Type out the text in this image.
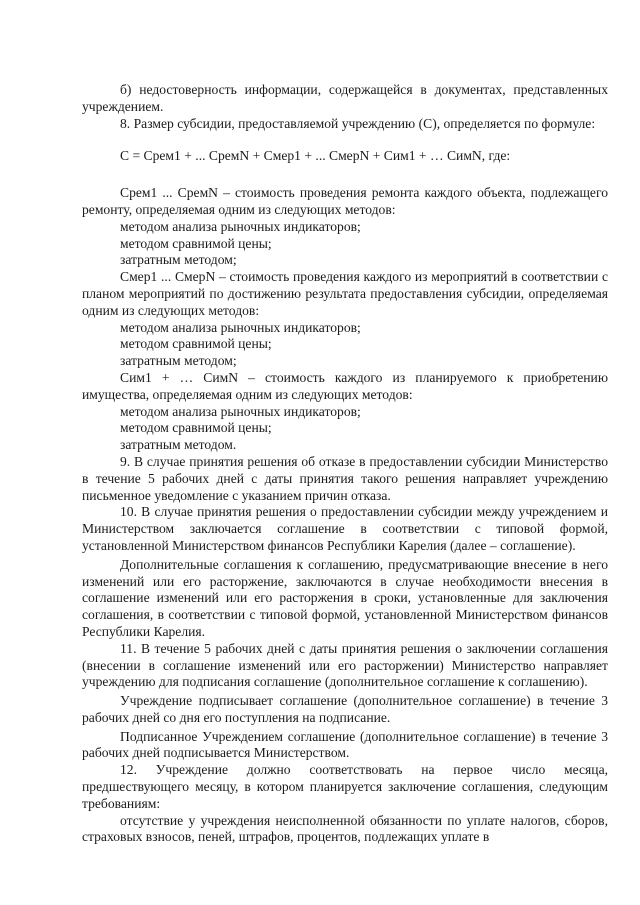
б) недостоверность информации, содержащейся в документах, представленных учреждением.

8. Размер субсидии, предоставляемой учреждению (С), определяется по формуле:

С = Срем1 + ... СремN + Смер1 + ... СмерN + Сим1 + … СимN, где:

Срем1 ... СремN – стоимость проведения ремонта каждого объекта, подлежащего ремонту, определяемая одним из следующих методов:

методом анализа рыночных индикаторов;

методом сравнимой цены;

затратным методом;

Смер1 ... СмерN – стоимость проведения каждого из мероприятий в соответствии с планом мероприятий по достижению результата предоставления субсидии, определяемая одним из следующих методов:

методом анализа рыночных индикаторов;

методом сравнимой цены;

затратным методом;

Сим1 + … СимN – стоимость каждого из планируемого к приобретению имущества, определяемая одним из следующих методов:

методом анализа рыночных индикаторов;

методом сравнимой цены;

затратным методом.

9. В случае принятия решения об отказе в предоставлении субсидии Министерство в течение 5 рабочих дней с даты принятия такого решения направляет учреждению письменное уведомление с указанием причин отказа.

10. В случае принятия решения о предоставлении субсидии между учреждением и Министерством заключается соглашение в соответствии с типовой формой, установленной Министерством финансов Республики Карелия (далее – соглашение).

Дополнительные соглашения к соглашению, предусматривающие внесение в него изменений или его расторжение, заключаются в случае необходимости внесения в соглашение изменений или его расторжения в сроки, установленные для заключения соглашения, в соответствии с типовой формой, установленной Министерством финансов Республики Карелия.

11. В течение 5 рабочих дней с даты принятия решения о заключении соглашения (внесении в соглашение изменений или его расторжении) Министерство направляет учреждению для подписания соглашение (дополнительное соглашение к соглашению).

Учреждение подписывает соглашение (дополнительное соглашение) в течение 3 рабочих дней со дня его поступления на подписание.

Подписанное Учреждением соглашение (дополнительное соглашение) в течение 3 рабочих дней подписывается Министерством.

12. Учреждение должно соответствовать на первое число месяца, предшествующего месяцу, в котором планируется заключение соглашения, следующим требованиям:

отсутствие у учреждения неисполненной обязанности по уплате налогов, сборов, страховых взносов, пеней, штрафов, процентов, подлежащих уплате в
